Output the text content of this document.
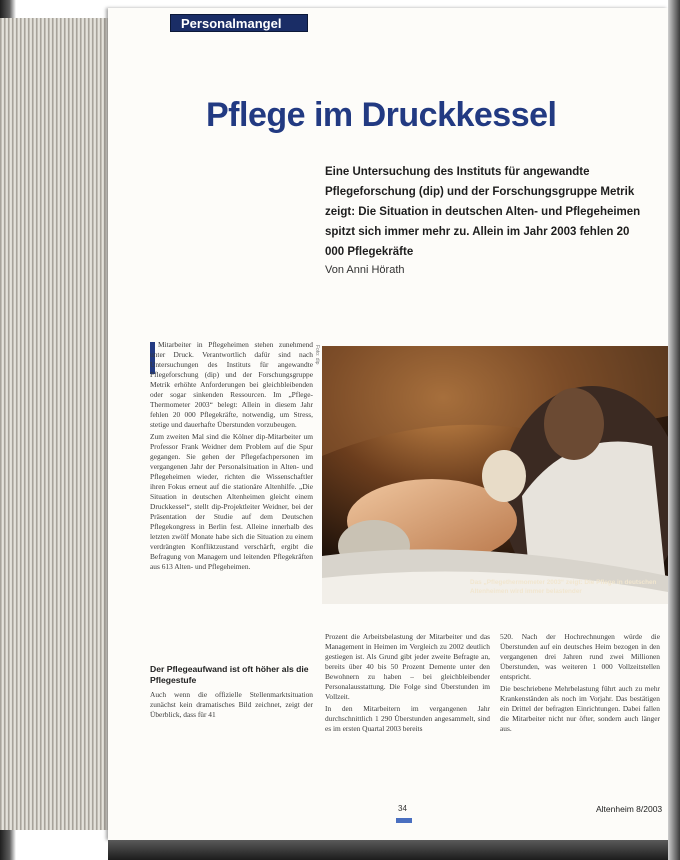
Personalmangel
Pflege im Druckkessel
Eine Untersuchung des Instituts für angewandte Pflegeforschung (dip) und der Forschungsgruppe Metrik zeigt: Die Situation in deutschen Alten- und Pflegeheimen spitzt sich immer mehr zu. Allein im Jahr 2003 fehlen 20 000 Pflegekräfte
Von Anni Hörath

Mitarbeiter in Pflegeheimen stehen zunehmend unter Druck. Verantwortlich dafür sind nach Untersuchungen des Instituts für angewandte Pflegeforschung (dip) und der Forschungsgruppe Metrik erhöhte Anforderungen bei gleichbleibenden oder sogar sinkenden Ressourcen. Im „Pflege-Thermometer 2003“ belegt: Allein in diesem Jahr fehlen 20 000 Pflegekräfte, notwendig, um Stress, stetige und dauerhafte Überstunden vorzubeugen.

Zum zweiten Mal sind die Kölner dip-Mitarbeiter um Professor Frank Weidner dem Problem auf die Spur gegangen. Sie gehen der Pflegefachpersonen im vergangenen Jahr der Personalsituation in Alten- und Pflegeheimen wieder, richten die Wissenschaftler ihren Fokus erneut auf die stationäre Altenhilfe. „Die Situation in deutschen Altenheimen gleicht einem Druckkessel“, stellt dip-Projektleiter Weidner, bei der Präsentation der Studie auf dem Deutschen Pflegekongress in Berlin fest. Alleine innerhalb des letzten zwölf Monate habe sich die Situation zu einem verdrängten Konfliktzustand verschärft, ergibt die Befragung von Managern und leitenden Pflegekräften aus 613 Alten- und Pflegeheimen.

Foto: dip
Der Pflegeaufwand ist oft höher als die Pflegestufe
Auch wenn die offizielle Stellenmarktsituation zunächst kein dramatisches Bild zeichnet, zeigt der Überblick, dass für 41
Das „Pflegethermometer 2003“ zeigt: Die Pflege in deutschen Altenheimen wird immer belastender

Prozent die Arbeitsbelastung der Mitarbeiter und das Management in Heimen im Vergleich zu 2002 deutlich gestiegen ist. Als Grund gibt jeder zweite Befragte an, bereits über 40 bis 50 Prozent Demente unter den Bewohnern zu haben – bei gleichbleibender Personalausstattung. Die Folge sind Überstunden im Vollzeit.

In den Mitarbeitern im vergangenen Jahr durchschnittlich 1 290 Überstunden angesammelt, sind es im ersten Quartal 2003 bereits

520. Nach der Hochrechnungen würde die Überstunden auf ein deutsches Heim bezogen in den vergangenen drei Jahren rund zwei Millionen Überstunden, was weiteren 1 000 Vollzeitstellen entspricht.

Die beschriebene Mehrbelastung führt auch zu mehr Krankenständen als noch im Vorjahr. Das bestätigen ein Drittel der befragten Einrichtungen. Dabei fallen die Mitarbeiter nicht nur öfter, sondern auch länger aus.

34	Altenheim 8/2003
